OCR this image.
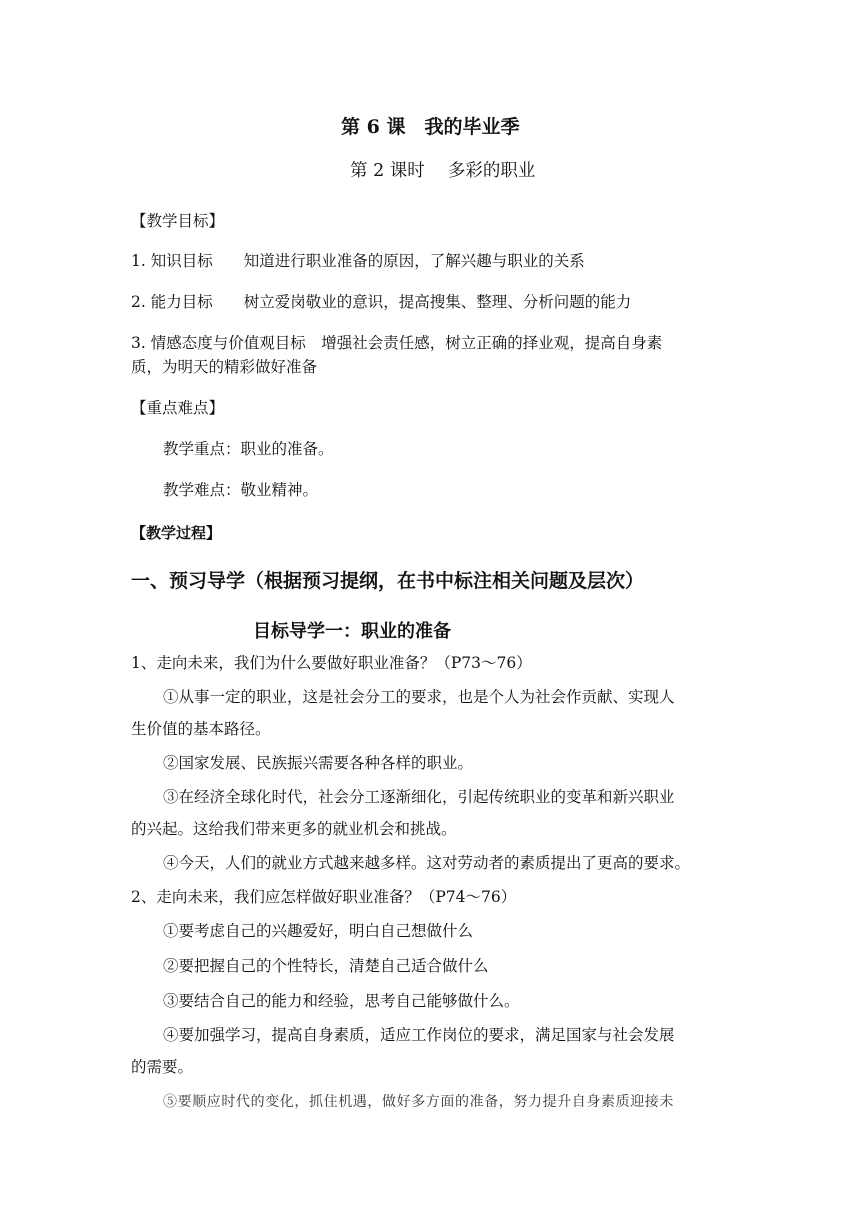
第 6 课　我的毕业季
第 2 课时　 多彩的职业
【教学目标】
1. 知识目标　　知道进行职业准备的原因，了解兴趣与职业的关系
2. 能力目标　　树立爱岗敬业的意识，提高搜集、整理、分析问题的能力
3. 情感态度与价值观目标　增强社会责任感，树立正确的择业观，提高自身素
质，为明天的精彩做好准备
【重点难点】
教学重点：职业的准备。
教学难点：敬业精神。
【教学过程】
一、预习导学（根据预习提纲，在书中标注相关问题及层次）
目标导学一：职业的准备
1、走向未来，我们为什么要做好职业准备？（P73～76）
①从事一定的职业，这是社会分工的要求，也是个人为社会作贡献、实现人
生价值的基本路径。
②国家发展、民族振兴需要各种各样的职业。
③在经济全球化时代，社会分工逐渐细化，引起传统职业的变革和新兴职业
的兴起。这给我们带来更多的就业机会和挑战。
④今天，人们的就业方式越来越多样。这对劳动者的素质提出了更高的要求。
2、走向未来，我们应怎样做好职业准备？（P74～76）
①要考虑自己的兴趣爱好，明白自己想做什么
②要把握自己的个性特长，清楚自己适合做什么
③要结合自己的能力和经验，思考自己能够做什么。
④要加强学习，提高自身素质，适应工作岗位的要求，满足国家与社会发展
的需要。
⑤要顺应时代的变化，抓住机遇，做好多方面的准备，努力提升自身素质迎接未
